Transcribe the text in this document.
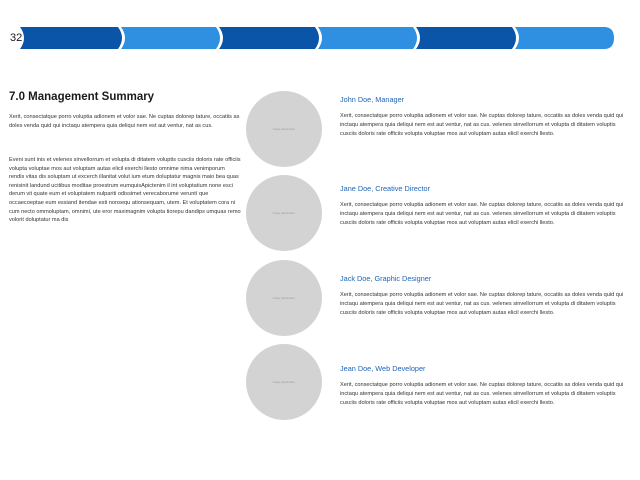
32
7.0 Management Summary

Xerit, consectatque porro voluptia adionem et volor sae. Ne cuptas dolorep tature, occatiis as doles venda quid qui inctaqu atempera quia deliqui nem est aut ventur, nat as cus.

Eveni sunt inis et velenes sinvellorrum et volupta di ditatem voluptis cusciis doloris rate officiis volupta voluptae mos aut voluptam autas elicil exerchi llesto omnime nima venimporum rendis vitas dis soluptam ut excerch illanitat volut ium etum doluptatur magnis maio bea quas renisinit landund ucitibus moditae proestrum eumquisApictenim il int voluptatium none esci derum vit quate eum et voluptatem nulpariti odissimet verecaborume veruntí que occaecoeptae eum essiand itendae esti nonsequ ationsequam, utem. Et voluptatem cora ni cum necto ommoluptam, omnimi, ute eror maximagnim volupta tiorepu dandips umquas remo volorit doluptatur ma dis

image placeholder
image placeholder
image placeholder
image placeholder
John Doe, Manager

Xerit, consectatque porro voluptia adionem et volor sae. Ne cuptas dolorep tature, occatiis as doles venda quid qui inctaqu atempera quia deliqui nem est aut ventur, nat as cus. velenes sinvellorrum et volupta di ditatem voluptis cusciis doloris rate officiis volupta voluptae mos aut voluptam autas elicil exerchi llesto.

Jane Doe, Creative Director

Xerit, consectatque porro voluptia adionem et volor sae. Ne cuptas dolorep tature, occatiis as doles venda quid qui inctaqu atempera quia deliqui nem est aut ventur, nat as cus. velenes sinvellorrum et volupta di ditatem voluptis cusciis doloris rate officiis volupta voluptae mos aut voluptam autas elicil exerchi llesto.

Jack Doe, Graphic Designer

Xerit, consectatque porro voluptia adionem et volor sae. Ne cuptas dolorep tature, occatiis as doles venda quid qui inctaqu atempera quia deliqui nem est aut ventur, nat as cus. velenes sinvellorrum et volupta di ditatem voluptis cusciis doloris rate officiis volupta voluptae mos aut voluptam autas elicil exerchi llesto.

Jean Doe, Web Developer

Xerit, consectatque porro voluptia adionem et volor sae. Ne cuptas dolorep tature, occatiis as doles venda quid qui inctaqu atempera quia deliqui nem est aut ventur, nat as cus. velenes sinvellorrum et volupta di ditatem voluptis cusciis doloris rate officiis volupta voluptae mos aut voluptam autas elicil exerchi llesto.
